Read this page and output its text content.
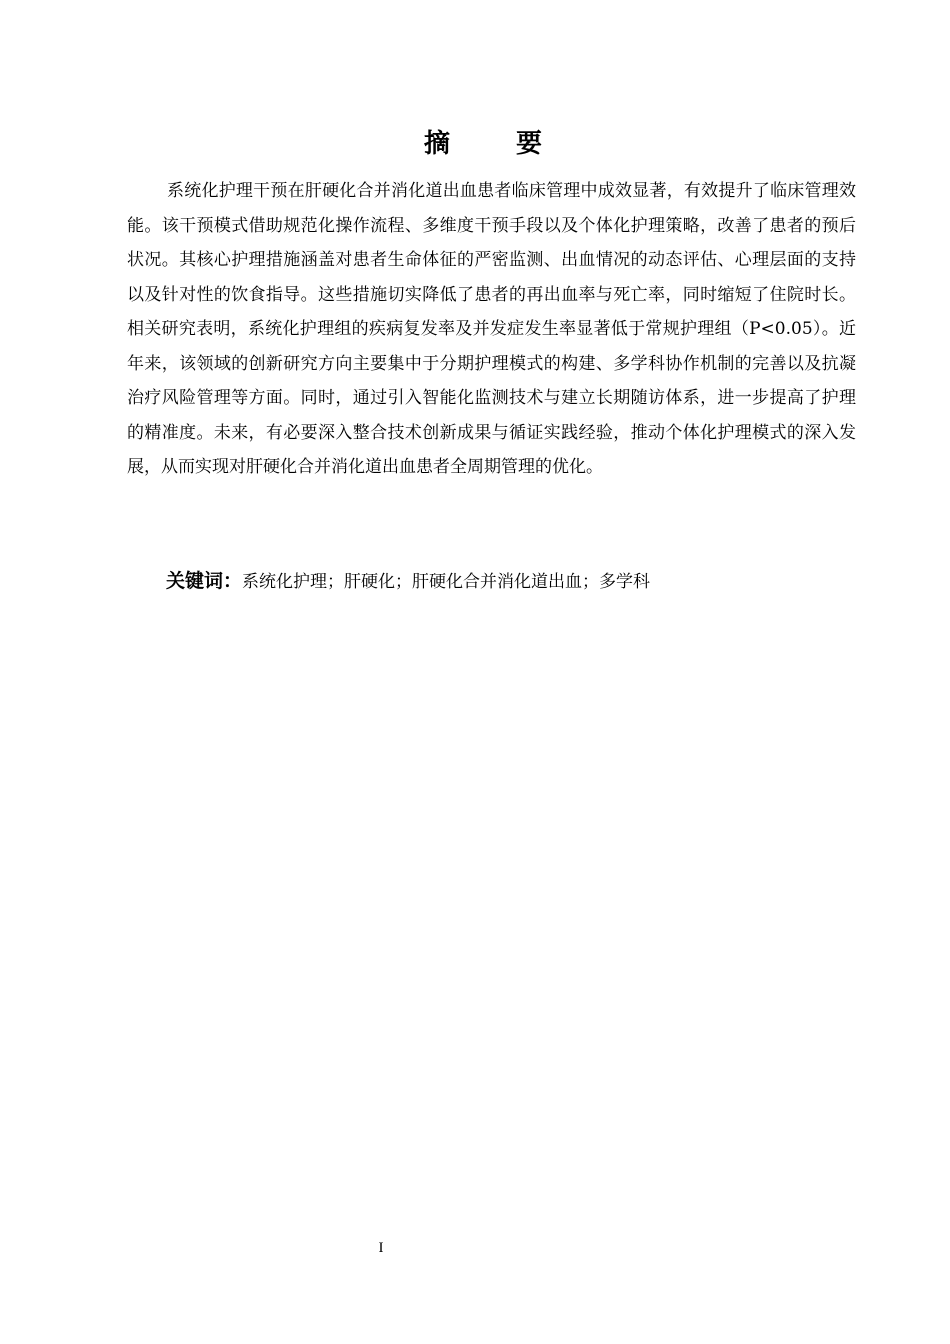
摘　要

系统化护理干预在肝硬化合并消化道出血患者临床管理中成效显著，有效提升了临床管理效能。该干预模式借助规范化操作流程、多维度干预手段以及个体化护理策略，改善了患者的预后状况。其核心护理措施涵盖对患者生命体征的严密监测、出血情况的动态评估、心理层面的支持以及针对性的饮食指导。这些措施切实降低了患者的再出血率与死亡率，同时缩短了住院时长。相关研究表明，系统化护理组的疾病复发率及并发症发生率显著低于常规护理组（P<0.05）。近年来，该领域的创新研究方向主要集中于分期护理模式的构建、多学科协作机制的完善以及抗凝治疗风险管理等方面。同时，通过引入智能化监测技术与建立长期随访体系，进一步提高了护理的精准度。未来，有必要深入整合技术创新成果与循证实践经验，推动个体化护理模式的深入发展，从而实现对肝硬化合并消化道出血患者全周期管理的优化。

关键词：系统化护理；肝硬化；肝硬化合并消化道出血；多学科
I
